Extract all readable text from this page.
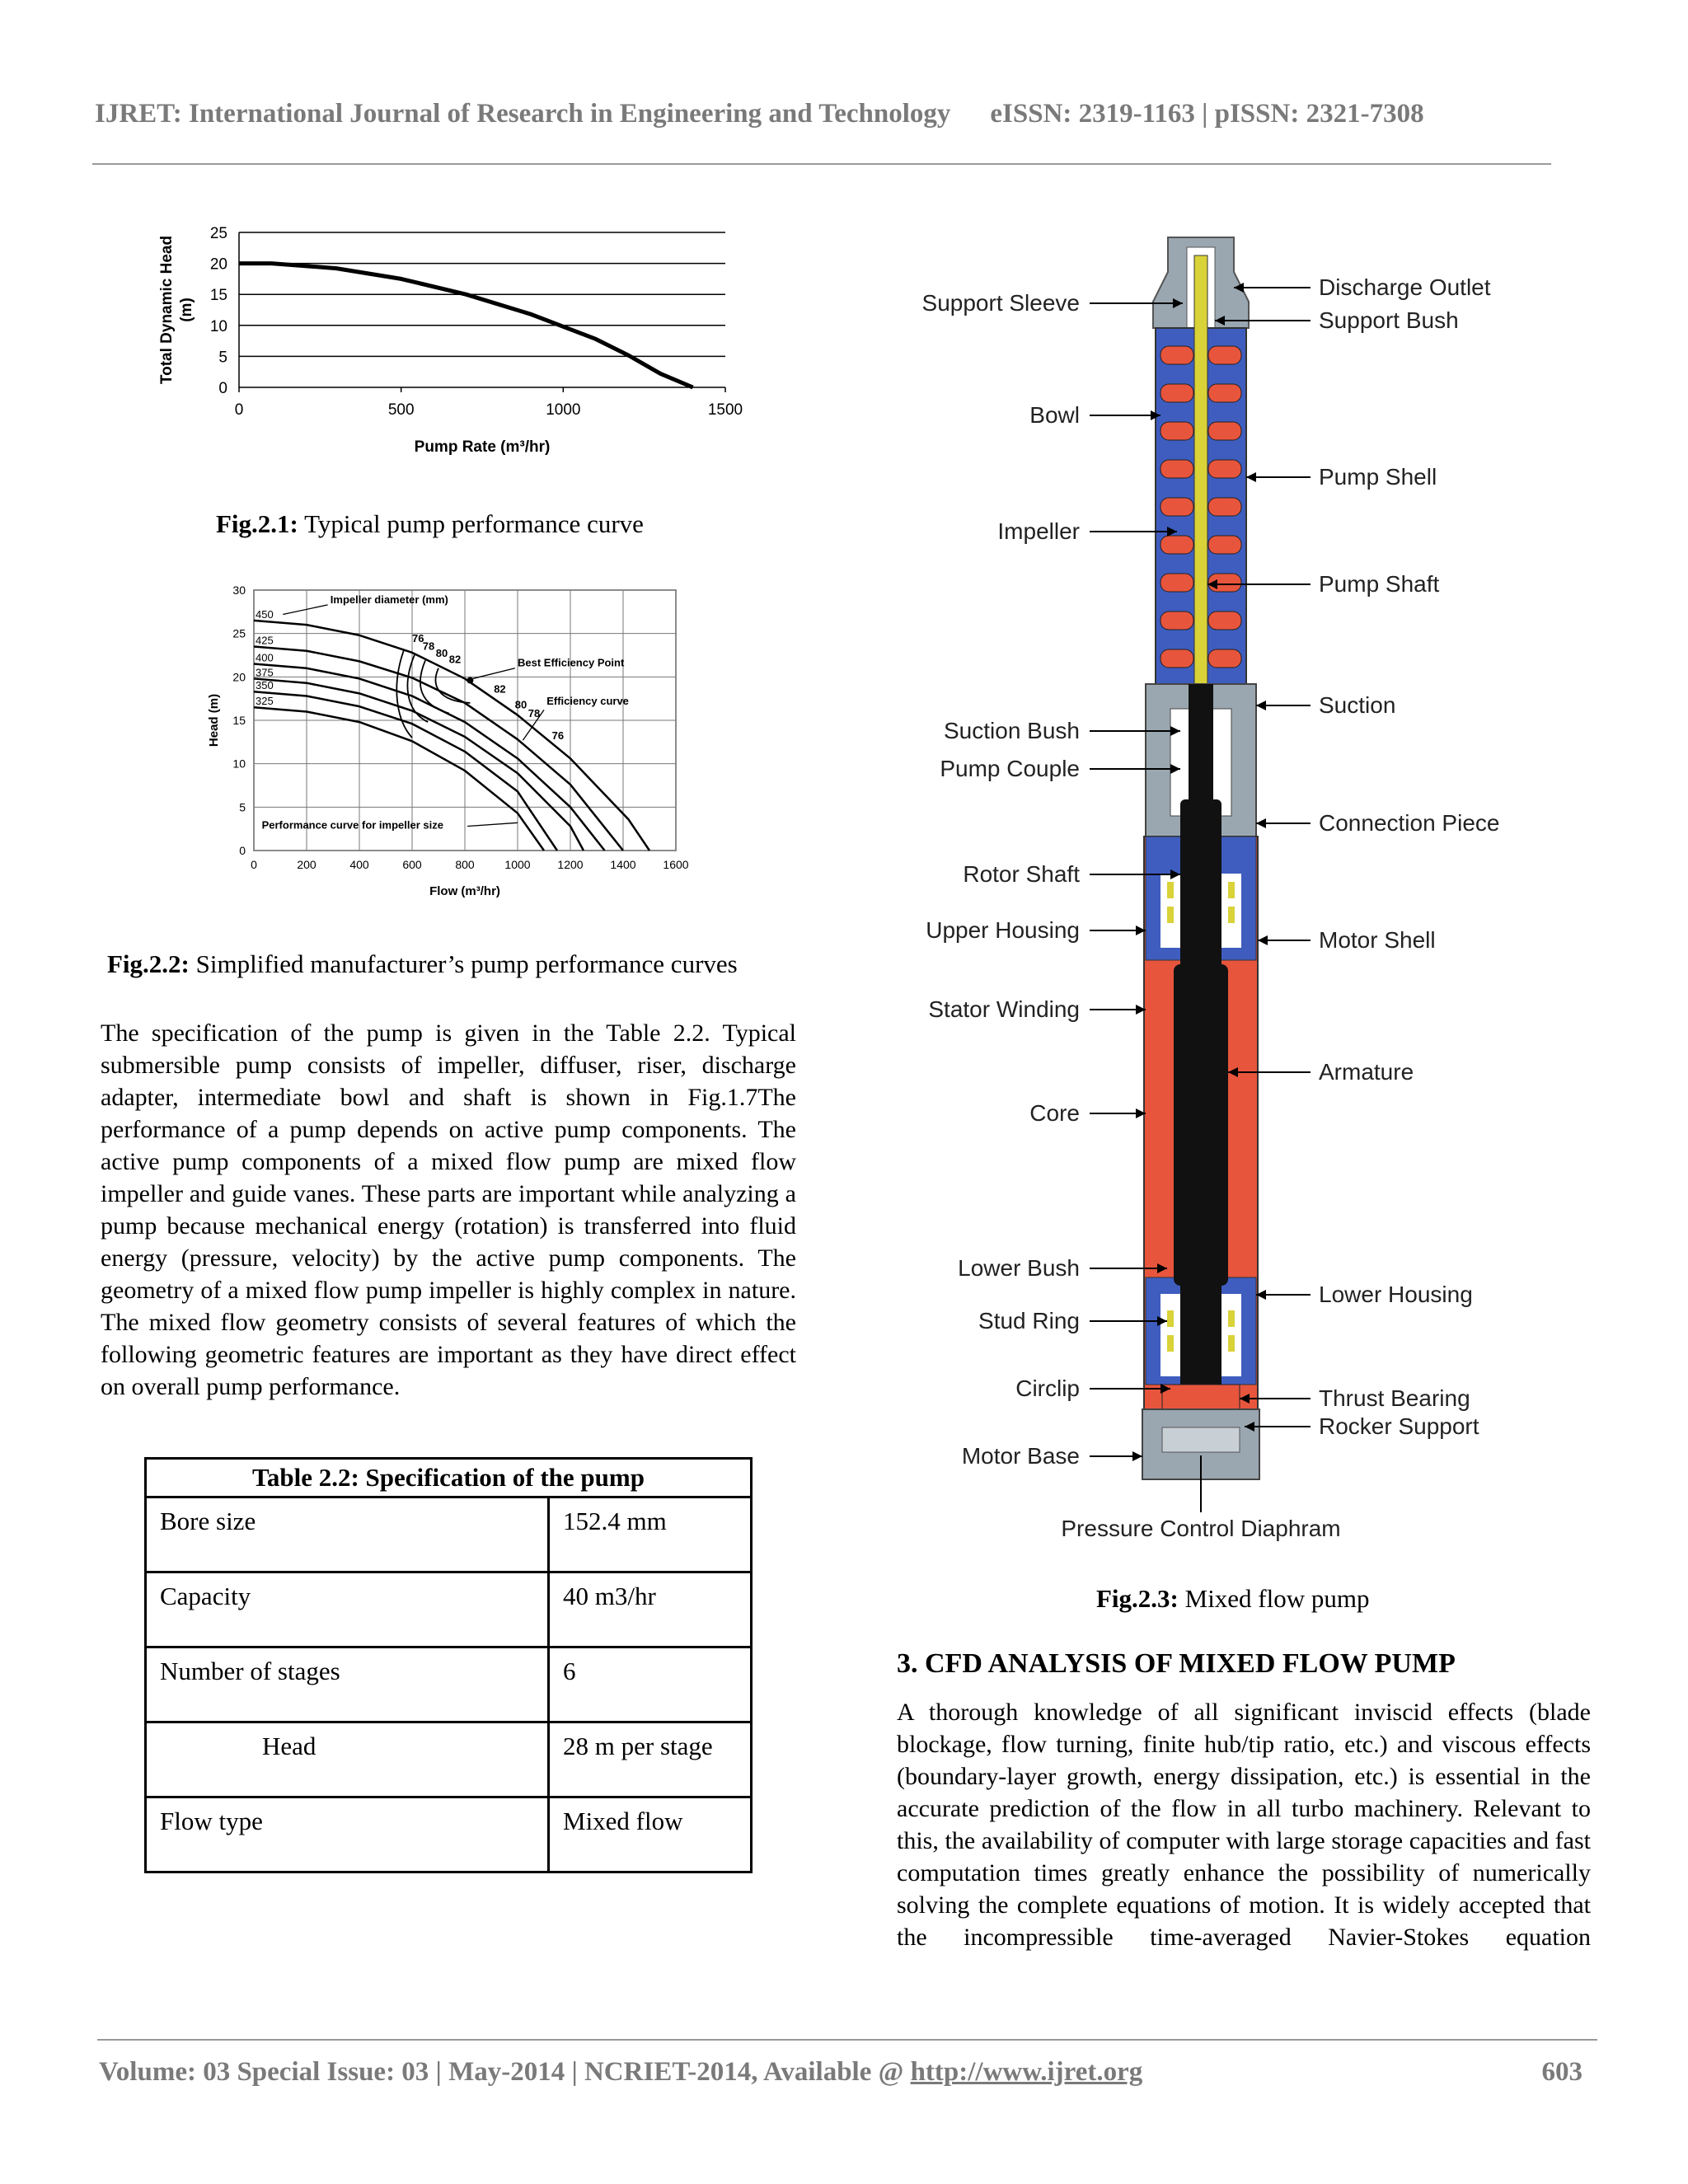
IJRET: International Journal of Research in Engineering and Technology eISSN: 2319-1163 | pISSN: 2321-7308
0
5
10
15
20
25
0	500	1000	1500
Pump Rate (m³/hr)
Total Dynamic Head (m)
Fig.2.1: Typical pump performance curve
0
5
10
15
20
25
30
0	200	400	600	800	1000 1200 1400 1600
450
425
400
375
350
325
76
78
80 82
82
80
78
76
Impeller diameter (mm)
Best Efficiency Point
Efficiency curve
Performance curve for impeller size
Flow (m³/hr)
Head (m)
Fig.2.2: Simplified manufacturer’s pump performance curves
The specification of the pump is given in the Table 2.2. Typical submersible pump consists of impeller, diffuser, riser, discharge adapter, intermediate bowl and shaft is shown in Fig.1.7The performance of a pump depends on active pump components. The active pump components of a mixed flow pump are mixed flow impeller and guide vanes. These parts are important while analyzing a pump because mechanical energy (rotation) is transferred into fluid energy (pressure, velocity) by the active pump components. The geometry of a mixed flow pump impeller is highly complex in nature. The mixed flow geometry consists of several features of which the following geometric features are important as they have direct effect on overall pump performance.
Table 2.2: Specification of the pump	
Bore size	152.4 mm
Capacity	40 m3/hr
Number of stages	6
Head	28 m per stage
Flow type	Mixed flow
Support Sleeve
Bowl
Impeller
Suction Bush
Pump Couple
Rotor Shaft
Upper Housing
Stator Winding
Core
Lower Bush
Stud Ring
Circlip
Motor Base
Discharge Outlet
Support Bush
Pump Shell
Pump Shaft
Suction
Connection Piece
Motor Shell
Armature
Lower Housing
Thrust Bearing
Rocker Support
Pressure Control Diaphram
Fig.2.3: Mixed flow pump
3. CFD ANALYSIS OF MIXED FLOW PUMP
A thorough knowledge of all significant inviscid effects (blade blockage, flow turning, finite hub/tip ratio, etc.) and viscous effects (boundary-layer growth, energy dissipation, etc.) is essential in the accurate prediction of the flow in all turbo machinery. Relevant to this, the availability of computer with large storage capacities and fast computation times greatly enhance the possibility of numerically solving the complete equations of motion. It is widely accepted that the incompressible time-averaged Navier-Stokes equation
Volume: 03 Special Issue: 03 | May-2014 | NCRIET-2014, Available @ http://www.ijret.org	603
